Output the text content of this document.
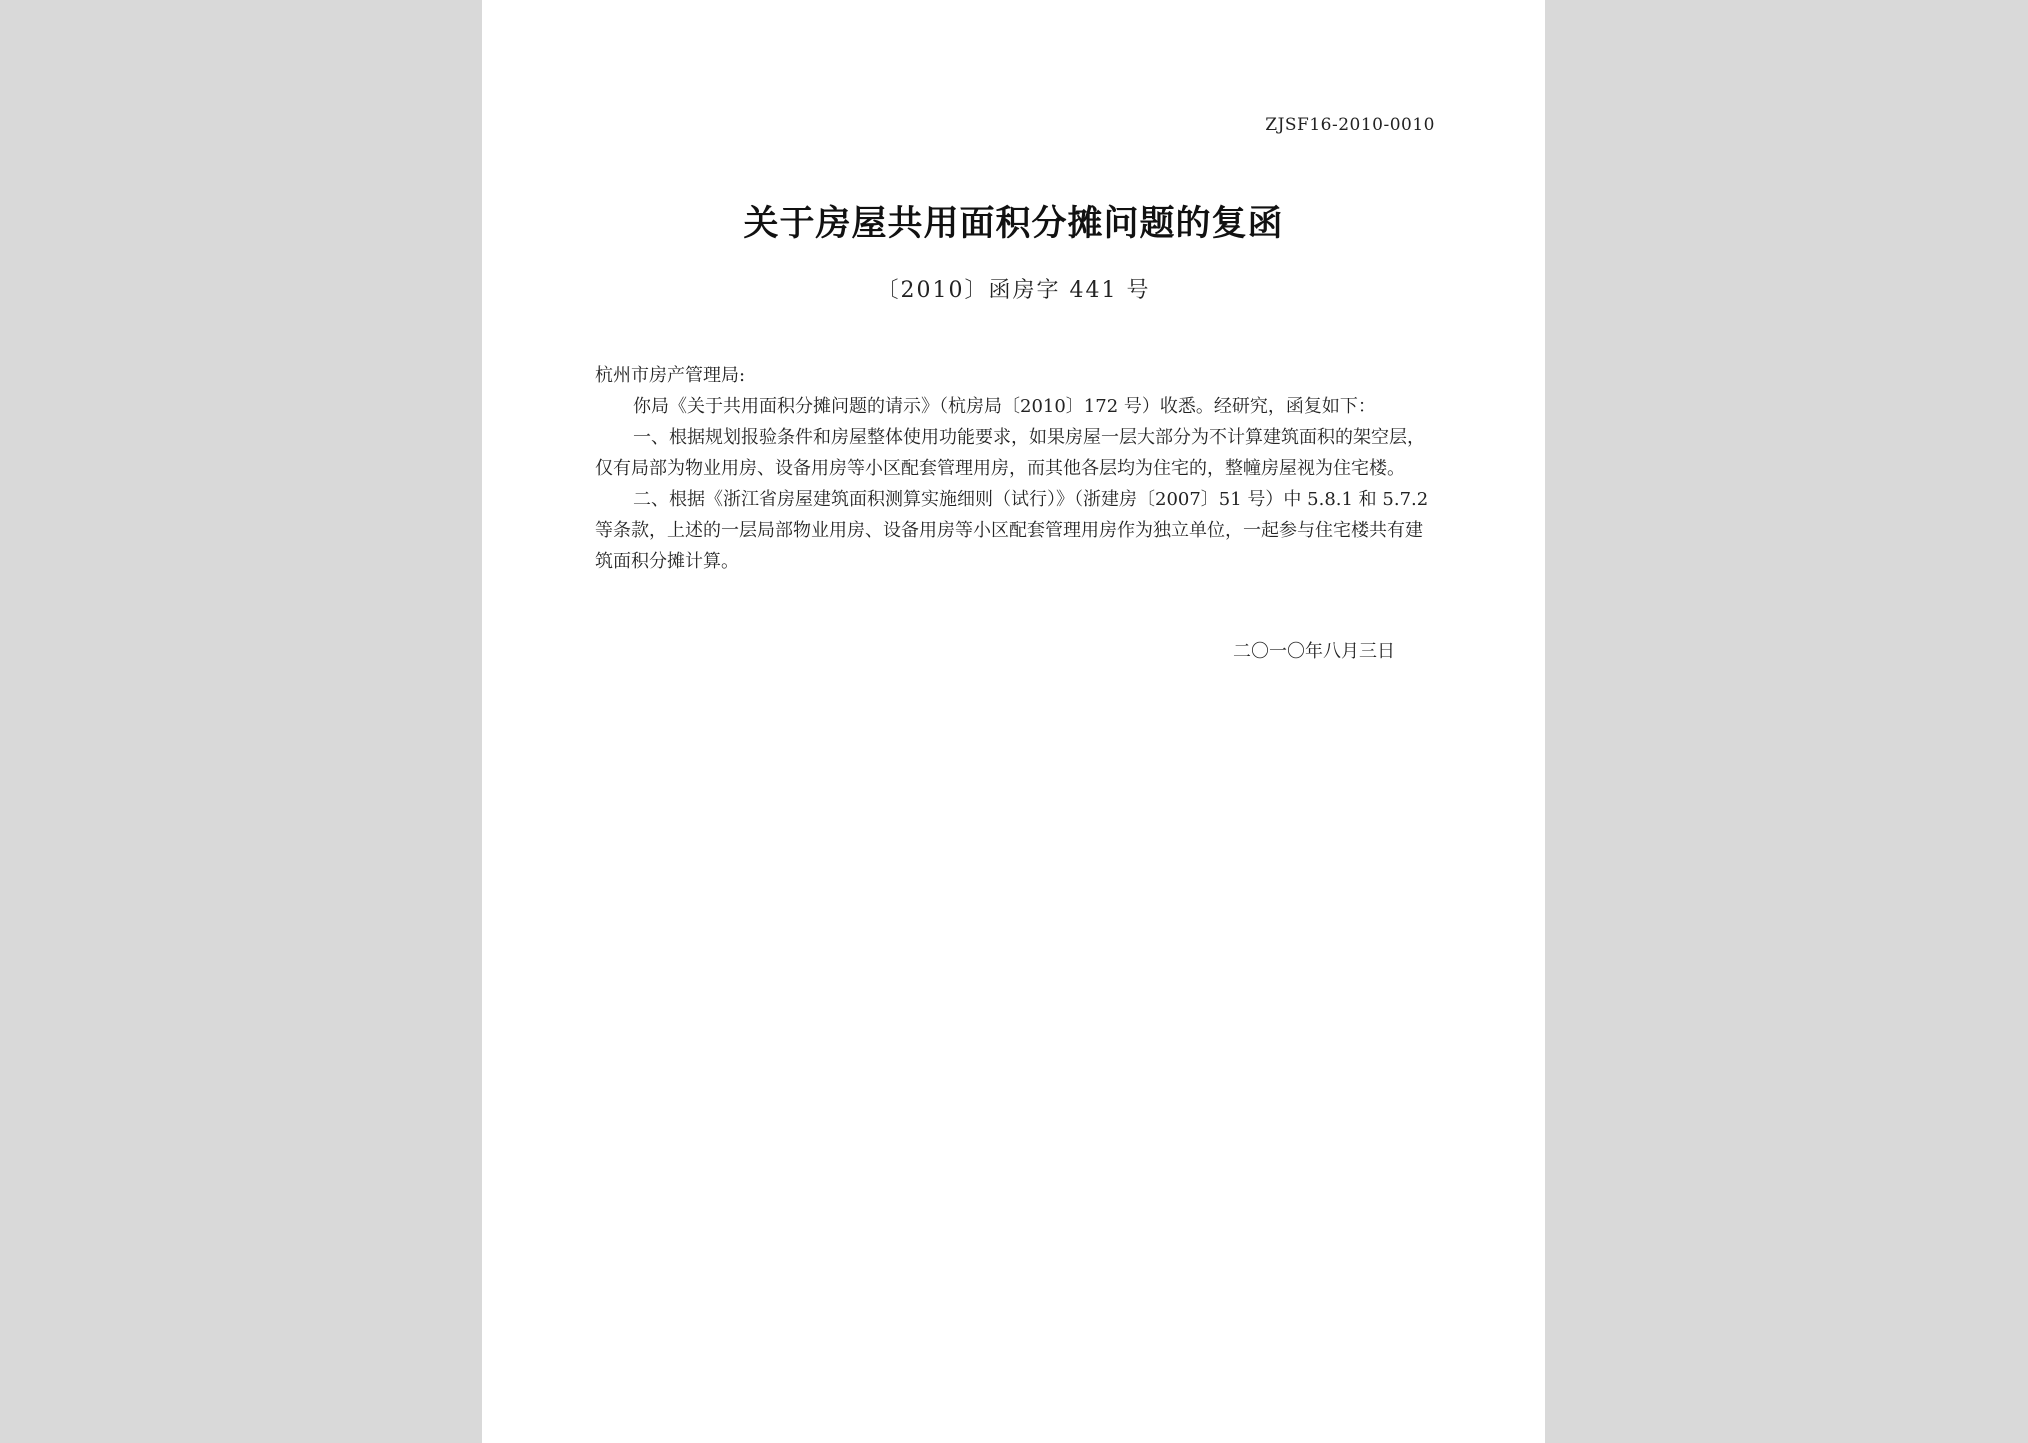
ZJSF16-2010-0010
关于房屋共用面积分摊问题的复函
〔2010〕函房字 441 号

杭州市房产管理局:

你局《关于共用面积分摊问题的请示》（杭房局〔2010〕172 号）收悉。经研究，函复如下：

一、根据规划报验条件和房屋整体使用功能要求，如果房屋一层大部分为不计算建筑面积的架空层，仅有局部为物业用房、设备用房等小区配套管理用房，而其他各层均为住宅的，整幢房屋视为住宅楼。

二、根据《浙江省房屋建筑面积测算实施细则（试行）》（浙建房〔2007〕51 号）中 5.8.1 和 5.7.2 等条款，上述的一层局部物业用房、设备用房等小区配套管理用房作为独立单位，一起参与住宅楼共有建筑面积分摊计算。

二〇一〇年八月三日
